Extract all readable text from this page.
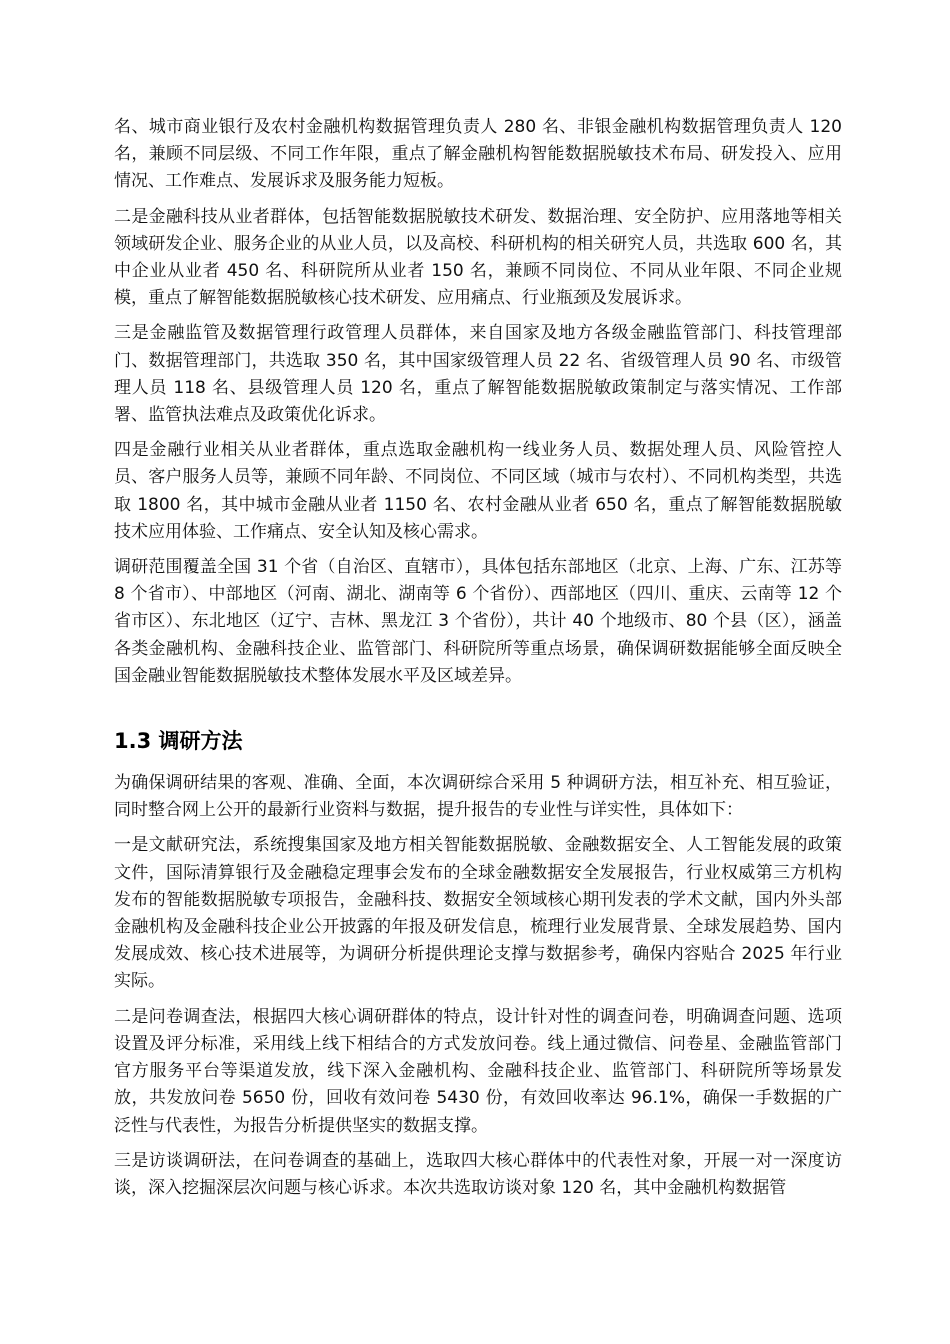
名、城市商业银行及农村金融机构数据管理负责人 280 名、非银金融机构数据管理负责人 120 名，兼顾不同层级、不同工作年限，重点了解金融机构智能数据脱敏技术布局、研发投入、应用情况、工作难点、发展诉求及服务能力短板。

二是金融科技从业者群体，包括智能数据脱敏技术研发、数据治理、安全防护、应用落地等相关领域研发企业、服务企业的从业人员，以及高校、科研机构的相关研究人员，共选取 600 名，其中企业从业者 450 名、科研院所从业者 150 名，兼顾不同岗位、不同从业年限、不同企业规模，重点了解智能数据脱敏核心技术研发、应用痛点、行业瓶颈及发展诉求。

三是金融监管及数据管理行政管理人员群体，来自国家及地方各级金融监管部门、科技管理部门、数据管理部门，共选取 350 名，其中国家级管理人员 22 名、省级管理人员 90 名、市级管理人员 118 名、县级管理人员 120 名，重点了解智能数据脱敏政策制定与落实情况、工作部署、监管执法难点及政策优化诉求。

四是金融行业相关从业者群体，重点选取金融机构一线业务人员、数据处理人员、风险管控人员、客户服务人员等，兼顾不同年龄、不同岗位、不同区域（城市与农村）、不同机构类型，共选取 1800 名，其中城市金融从业者 1150 名、农村金融从业者 650 名，重点了解智能数据脱敏技术应用体验、工作痛点、安全认知及核心需求。

调研范围覆盖全国 31 个省（自治区、直辖市），具体包括东部地区（北京、上海、广东、江苏等 8 个省市）、中部地区（河南、湖北、湖南等 6 个省份）、西部地区（四川、重庆、云南等 12 个省市区）、东北地区（辽宁、吉林、黑龙江 3 个省份），共计 40 个地级市、80 个县（区），涵盖各类金融机构、金融科技企业、监管部门、科研院所等重点场景，确保调研数据能够全面反映全国金融业智能数据脱敏技术整体发展水平及区域差异。

1.3 调研方法

为确保调研结果的客观、准确、全面，本次调研综合采用 5 种调研方法，相互补充、相互验证，同时整合网上公开的最新行业资料与数据，提升报告的专业性与详实性，具体如下：

一是文献研究法，系统搜集国家及地方相关智能数据脱敏、金融数据安全、人工智能发展的政策文件，国际清算银行及金融稳定理事会发布的全球金融数据安全发展报告，行业权威第三方机构发布的智能数据脱敏专项报告，金融科技、数据安全领域核心期刊发表的学术文献，国内外头部金融机构及金融科技企业公开披露的年报及研发信息，梳理行业发展背景、全球发展趋势、国内发展成效、核心技术进展等，为调研分析提供理论支撑与数据参考，确保内容贴合 2025 年行业实际。

二是问卷调查法，根据四大核心调研群体的特点，设计针对性的调查问卷，明确调查问题、选项设置及评分标准，采用线上线下相结合的方式发放问卷。线上通过微信、问卷星、金融监管部门官方服务平台等渠道发放，线下深入金融机构、金融科技企业、监管部门、科研院所等场景发放，共发放问卷 5650 份，回收有效问卷 5430 份，有效回收率达 96.1%，确保一手数据的广泛性与代表性，为报告分析提供坚实的数据支撑。

三是访谈调研法，在问卷调查的基础上，选取四大核心群体中的代表性对象，开展一对一深度访谈，深入挖掘深层次问题与核心诉求。本次共选取访谈对象 120 名，其中金融机构数据管
